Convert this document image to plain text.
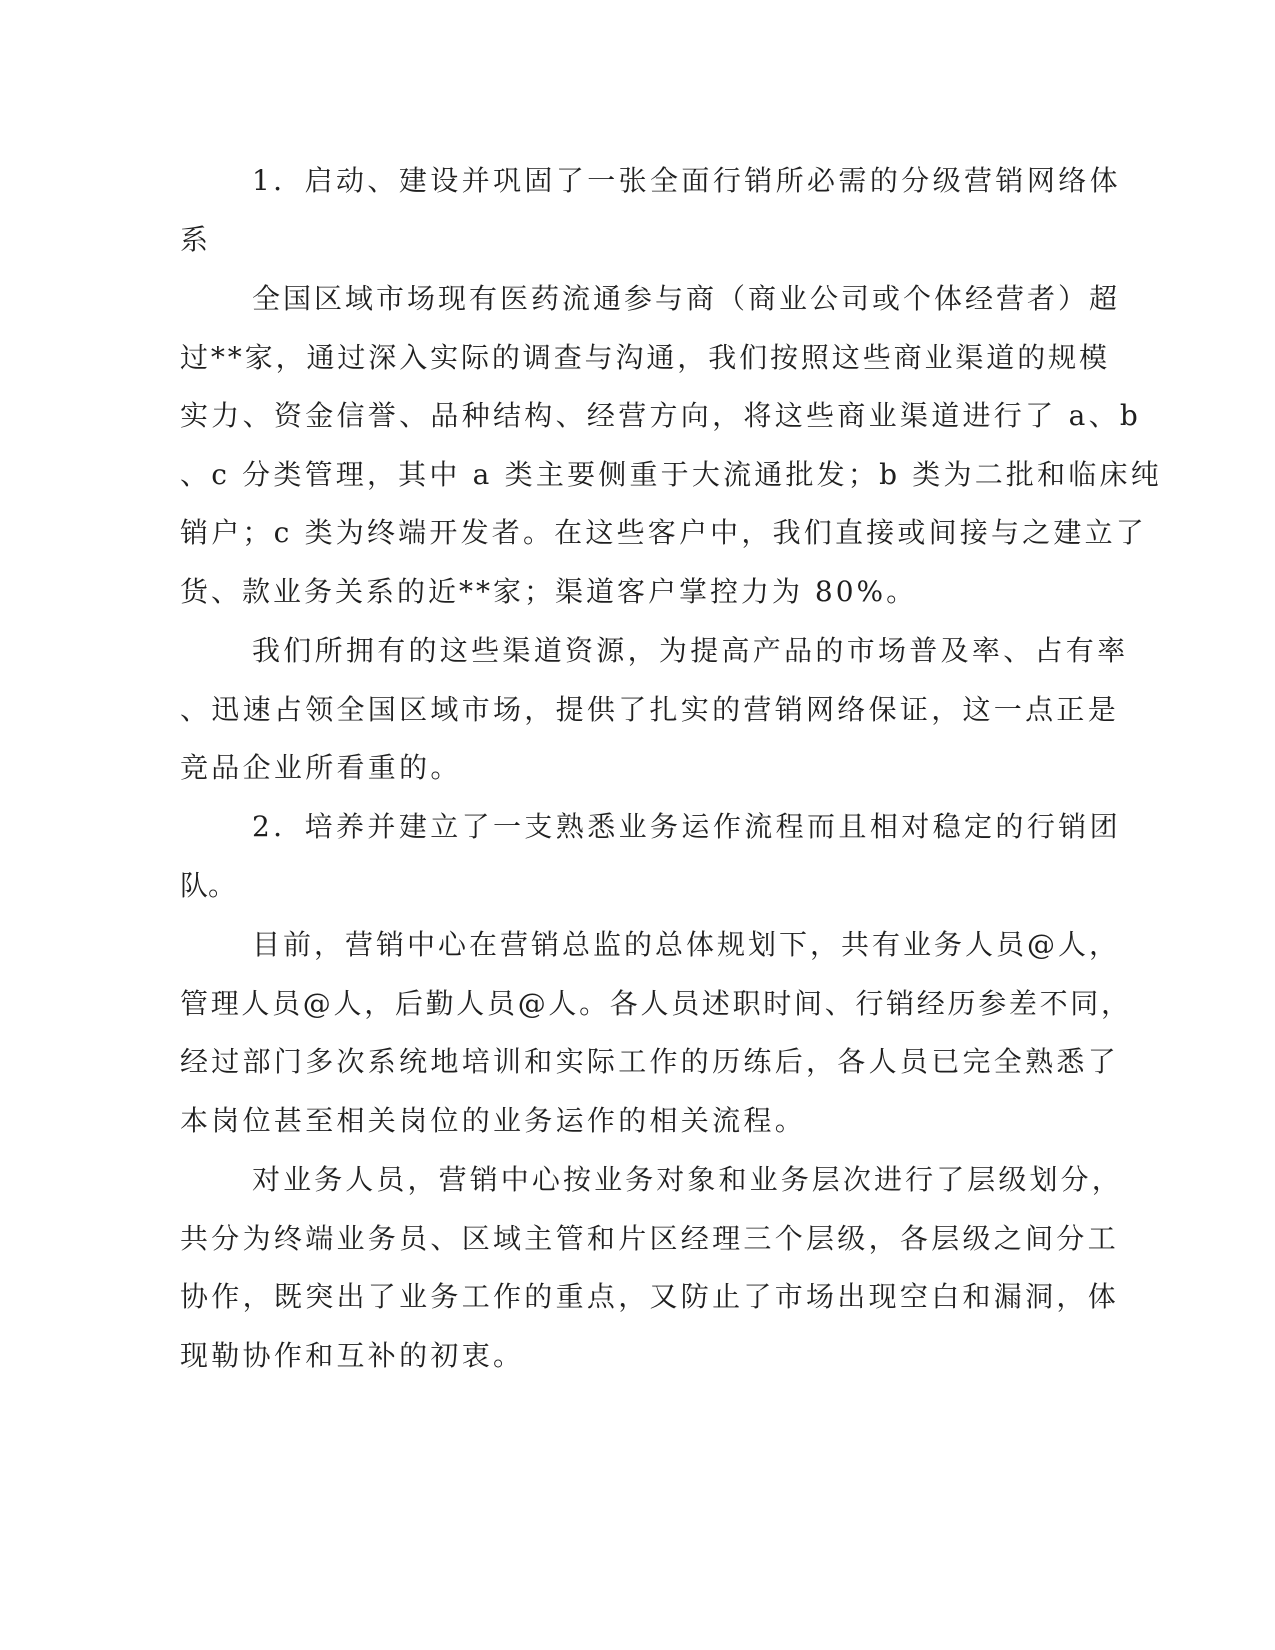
1．启动、建设并巩固了一张全面行销所必需的分级营销网络体
系
全国区域市场现有医药流通参与商（商业公司或个体经营者）超
过**家，通过深入实际的调查与沟通，我们按照这些商业渠道的规模
实力、资金信誉、品种结构、经营方向，将这些商业渠道进行了 a、b
、c 分类管理，其中 a 类主要侧重于大流通批发；b 类为二批和临床纯
销户；c 类为终端开发者。在这些客户中，我们直接或间接与之建立了
货、款业务关系的近**家；渠道客户掌控力为 80%。
我们所拥有的这些渠道资源，为提高产品的市场普及率、占有率
、迅速占领全国区域市场，提供了扎实的营销网络保证，这一点正是
竞品企业所看重的。
2．培养并建立了一支熟悉业务运作流程而且相对稳定的行销团
队。
目前，营销中心在营销总监的总体规划下，共有业务人员@人，
管理人员@人，后勤人员@人。各人员述职时间、行销经历参差不同，
经过部门多次系统地培训和实际工作的历练后，各人员已完全熟悉了
本岗位甚至相关岗位的业务运作的相关流程。
对业务人员，营销中心按业务对象和业务层次进行了层级划分，
共分为终端业务员、区域主管和片区经理三个层级，各层级之间分工
协作，既突出了业务工作的重点，又防止了市场出现空白和漏洞，体
现勒协作和互补的初衷。
